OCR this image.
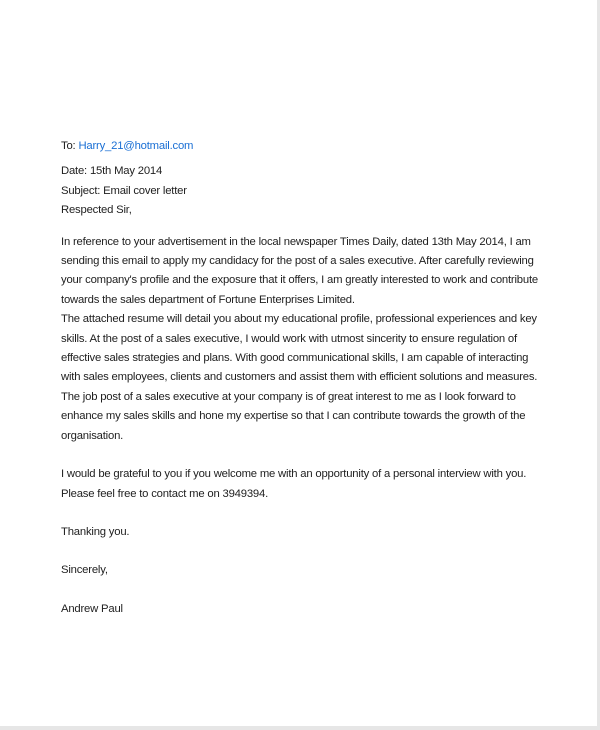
To: Harry_21@hotmail.com

Date: 15th May 2014

Subject: Email cover letter

Respected Sir,

In reference to your advertisement in the local newspaper Times Daily, dated 13th May 2014, I am sending this email to apply my candidacy for the post of a sales executive. After carefully reviewing your company's profile and the exposure that it offers, I am greatly interested to work and contribute towards the sales department of Fortune Enterprises Limited.

The attached resume will detail you about my educational profile, professional experiences and key skills. At the post of a sales executive, I would work with utmost sincerity to ensure regulation of effective sales strategies and plans. With good communicational skills, I am capable of interacting with sales employees, clients and customers and assist them with efficient solutions and measures. The job post of a sales executive at your company is of great interest to me as I look forward to enhance my sales skills and hone my expertise so that I can contribute towards the growth of the organisation.

I would be grateful to you if you welcome me with an opportunity of a personal interview with you. Please feel free to contact me on 3949394.

Thanking you.

Sincerely,

Andrew Paul
